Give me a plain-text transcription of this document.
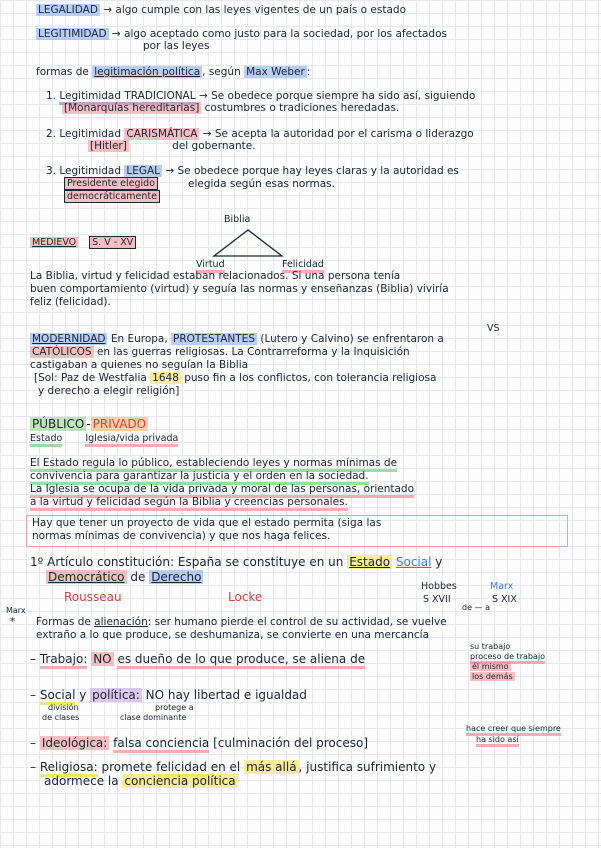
LEGALIDAD → algo cumple con las leyes vigentes de un país o estado
LEGITIMIDAD → algo aceptado como justo para la sociedad, por los afectados
por las leyes
formas de legitimación política , según Max Weber :
1. Legitimidad TRADICIONAL → Se obedece porque siempre ha sido así, siguiendo
[Monarquías hereditarias] costumbres o tradiciones heredadas.
2. Legitimidad CARISMÁTICA → Se acepta la autoridad por el carisma o liderazgo
[Hitler]	del gobernante.
3. Legitimidad LEGAL → Se obedece porque hay leyes claras y la autoridad es
Presidente elegido
democráticamente
elegida según esas normas.
Biblia
MEDIEVO S. V - XV
Virtud	Felicidad
La Biblia, virtud y felicidad estaban relacionados. Si una persona tenía
buen comportamiento (virtud) y seguía las normas y enseñanzas (Biblia) viviría
feliz (felicidad).
VS
MODERNIDAD En Europa, PROTESTANTES (Lutero y Calvino) se enfrentaron a
CATÓLICOS en las guerras religiosas. La Contrarreforma y la Inquisición
castigaban a quienes no seguían la Biblia
[Sol: Paz de Westfalia 1648 puso fin a los conflictos, con tolerancia religiosa
y derecho a elegir religión]
PÚBLICO - PRIVADO
Estado Iglesia/vida privada
El Estado regula lo público, estableciendo leyes y normas mínimas de
convivencia para garantizar la justicia y el orden en la sociedad.
La Iglesia se ocupa de la vida privada y moral de las personas, orientado
a la virtud y felicidad según la Biblia y creencias personales.
Hay que tener un proyecto de vida que el estado permita (siga las
normas mínimas de convivencia) y que nos haga felices.
1º Artículo constitución: España se constituye en un Estado Social y
Democrático de Derecho
Hobbes	Marx
Rousseau	Locke	S XVII	S XIX
de — a
Marx
* Formas de alienación: ser humano pierde el control de su actividad, se vuelve
extraño a lo que produce, se deshumaniza, se convierte en una mercancía
– Trabajo: NO es dueño de lo que produce, se aliena de
su trabajo
proceso de trabajo
él mismo
los demás
– Social y política: NO hay libertad e igualdad
división	protege a
de clases	clase dominante
hace creer que siempre
ha sido así
– Ideológica: falsa conciencia [culminación del proceso]
– Religiosa: promete felicidad en el más allá , justifica sufrimiento y
adormece la conciencia política
